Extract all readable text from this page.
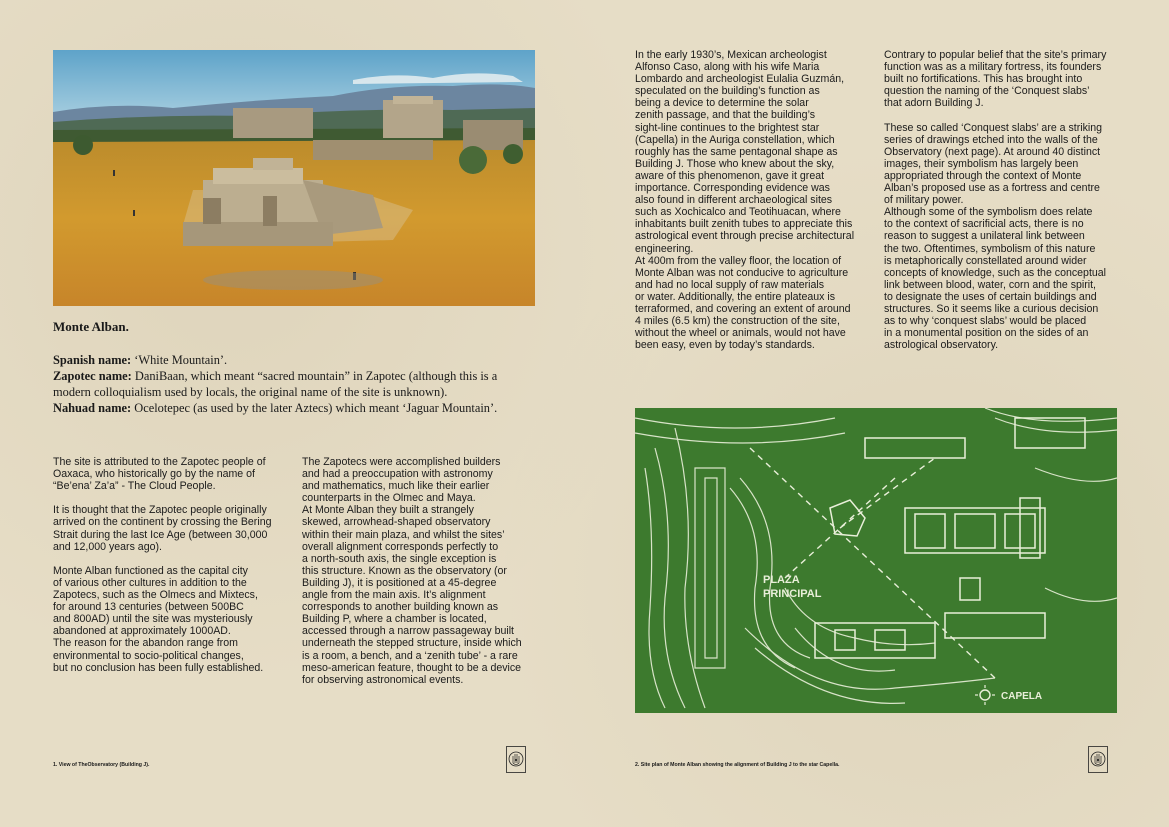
Monte Alban.
Spanish name: ‘White Mountain’.
Zapotec name: DaniBaan, which meant “sacred mountain” in Zapotec (although this is a modern colloquialism used by locals, the original name of the site is unknown).
Nahuad name: Ocelotepec (as used by the later Aztecs) which meant ‘Jaguar Mountain’.

The site is attributed to the Zapotec people of
Oaxaca, who historically go by the name of
“Be’ena’ Za’a” - The Cloud People.

It is thought that the Zapotec people originally
arrived on the continent by crossing the Bering
Strait during the last Ice Age (between 30,000
and 12,000 years ago).

Monte Alban functioned as the capital city
of various other cultures in addition to the
Zapotecs, such as the Olmecs and Mixtecs,
for around 13 centuries (between 500BC
and 800AD) until the site was mysteriously
abandoned at approximately 1000AD.
The reason for the abandon range from
environmental to socio-political changes,
but no conclusion has been fully established.

The Zapotecs were accomplished builders
and had a preoccupation with astronomy
and mathematics, much like their earlier
counterparts in the Olmec and Maya.
At Monte Alban they built a strangely
skewed, arrowhead-shaped observatory
within their main plaza, and whilst the sites’
overall alignment corresponds perfectly to
a north-south axis, the single exception is
this structure. Known as the observatory (or
Building J), it is positioned at a 45-degree
angle from the main axis. It’s alignment
corresponds to another building known as
Building P, where a chamber is located,
accessed through a narrow passageway built
underneath the stepped structure, inside which
is a room, a bench, and a ‘zenith tube’ - a rare
meso-american feature, thought to be a device
for observing astronomical events.

1. View of TheObservatory (Building J).

In the early 1930’s, Mexican archeologist
Alfonso Caso, along with his wife Maria
Lombardo and archeologist Eulalia Guzmán,
speculated on the building’s function as
being a device to determine the solar
zenith passage, and that the building’s
sight-line continues to the brightest star
(Capella) in the Auriga constellation, which
roughly has the same pentagonal shape as
Building J. Those who knew about the sky,
aware of this phenomenon, gave it great
importance. Corresponding evidence was
also found in different archaeological sites
such as Xochicalco and Teotihuacan, where
inhabitants built zenith tubes to appreciate this
astrological event through precise architectural
engineering.
At 400m from the valley floor, the location of
Monte Alban was not conducive to agriculture
and had no local supply of raw materials
or water. Additionally, the entire plateaux is
terraformed, and covering an extent of around
4 miles (6.5 km) the construction of the site,
without the wheel or animals, would not have
been easy, even by today’s standards.

Contrary to popular belief that the site’s primary
function was as a military fortress, its founders
built no fortifications. This has brought into
question the naming of the ‘Conquest slabs’
that adorn Building J.

These so called ‘Conquest slabs’ are a striking
series of drawings etched into the walls of the
Observatory (next page). At around 40 distinct
images, their symbolism has largely been
appropriated through the context of Monte
Alban’s proposed use as a fortress and centre
of military power.
Although some of the symbolism does relate
to the context of sacrificial acts, there is no
reason to suggest a unilateral link between
the two. Oftentimes, symbolism of this nature
is metaphorically constellated around wider
concepts of knowledge, such as the conceptual
link between blood, water, corn and the spirit,
to designate the uses of certain buildings and
structures. So it seems like a curious decision
as to why ‘conquest slabs’ would be placed
in a monumental position on the sides of an
astrological observatory.

PLAZA
PRINCIPAL
CAPELA
2. Site plan of Monte Alban showing the alignment of Building J to the star Capella.
